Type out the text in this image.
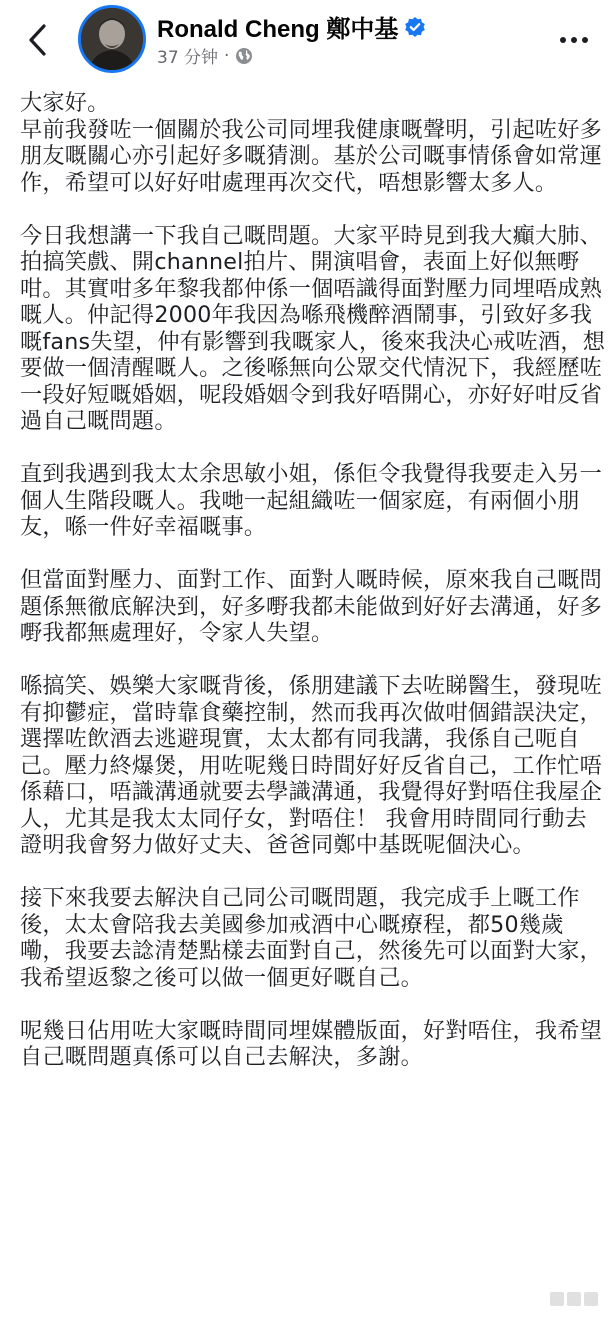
Ronald Cheng 鄭中基
37 分钟 ·

大家好。
早前我發咗一個關於我公司同埋我健康嘅聲明，引起咗好多朋友嘅關心亦引起好多嘅猜測。基於公司嘅事情係會如常運作，希望可以好好咁處理再次交代，唔想影響太多人。

今日我想講一下我自己嘅問題。大家平時見到我大癲大肺、拍搞笑戲、開channel拍片、開演唱會，表面上好似無嘢咁。其實咁多年黎我都仲係一個唔識得面對壓力同埋唔成熟嘅人。仲記得2000年我因為喺飛機醉酒鬧事，引致好多我嘅fans失望，仲有影響到我嘅家人，後來我決心戒咗酒，想要做一個清醒嘅人。之後喺無向公眾交代情況下，我經歷咗一段好短嘅婚姻，呢段婚姻令到我好唔開心，亦好好咁反省過自己嘅問題。

直到我遇到我太太余思敏小姐，係佢令我覺得我要走入另一個人生階段嘅人。我哋一起組織咗一個家庭，有兩個小朋友，喺一件好幸福嘅事。

但當面對壓力、面對工作、面對人嘅時候，原來我自己嘅問題係無徹底解決到，好多嘢我都未能做到好好去溝通，好多嘢我都無處理好，令家人失望。

喺搞笑、娛樂大家嘅背後，係朋建議下去咗睇醫生，發現咗有抑鬱症，當時靠食藥控制，然而我再次做咁個錯誤決定，選擇咗飲酒去逃避現實，太太都有同我講，我係自己呃自己。壓力終爆煲，用咗呢幾日時間好好反省自己，工作忙唔係藉口，唔識溝通就要去學識溝通，我覺得好對唔住我屋企人，尤其是我太太同仔女，對唔住！ 我會用時間同行動去證明我會努力做好丈夫、爸爸同鄭中基既呢個決心。

接下來我要去解決自己同公司嘅問題，我完成手上嘅工作後，太太會陪我去美國參加戒酒中心嘅療程，都50幾歲嘞，我要去諗清楚點樣去面對自己，然後先可以面對大家，我希望返黎之後可以做一個更好嘅自己。

呢幾日佔用咗大家嘅時間同埋媒體版面，好對唔住，我希望自己嘅問題真係可以自己去解決，多謝。
